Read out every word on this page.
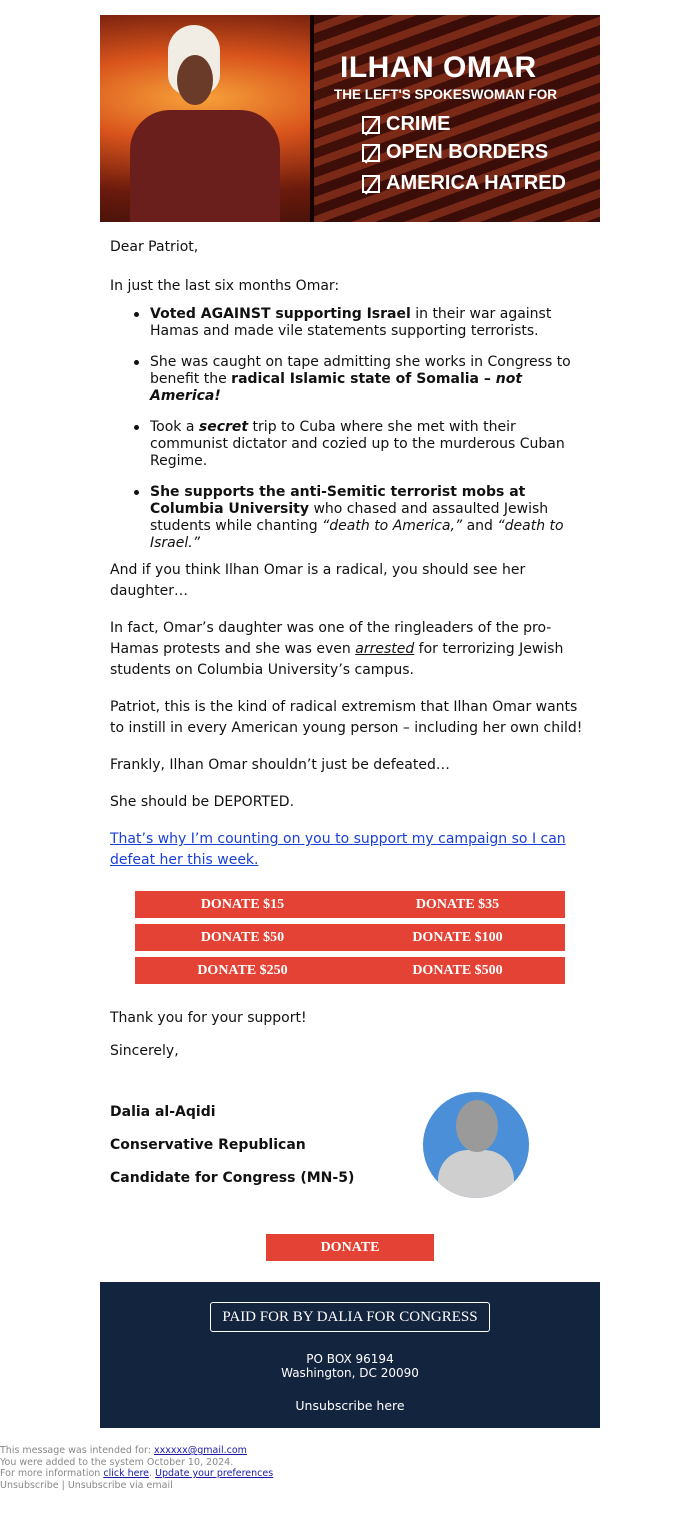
ILHAN OMAR
THE LEFT'S SPOKESWOMAN FOR
CRIME
OPEN BORDERS
AMERICA HATRED

Dear Patriot,

In just the last six months Omar:

Voted AGAINST supporting Israel in their war against Hamas and made vile statements supporting terrorists.
She was caught on tape admitting she works in Congress to benefit the radical Islamic state of Somalia – not America!
Took a secret trip to Cuba where she met with their communist dictator and cozied up to the murderous Cuban Regime.
She supports the anti-Semitic terrorist mobs at Columbia University who chased and assaulted Jewish students while chanting “death to America,” and “death to Israel.”

And if you think Ilhan Omar is a radical, you should see her daughter…

In fact, Omar’s daughter was one of the ringleaders of the pro-Hamas protests and she was even arrested for terrorizing Jewish students on Columbia University’s campus.

Patriot, this is the kind of radical extremism that Ilhan Omar wants to instill in every American young person – including her own child!

Frankly, Ilhan Omar shouldn’t just be defeated…

She should be DEPORTED.

That’s why I’m counting on you to support my campaign so I can defeat her this week.

DONATE $15	DONATE $35
DONATE $50	DONATE $100
DONATE $250	DONATE $500

Thank you for your support!

Sincerely,

Dalia al-Aqidi
Conservative Republican
Candidate for Congress (MN-5)
DONATE
PAID FOR BY DALIA FOR CONGRESS
PO BOX 96194
Washington, DC 20090
Unsubscribe here
This message was intended for: xxxxxx@gmail.com
You were added to the system October 10, 2024.
For more information click here. Update your preferences
Unsubscribe | Unsubscribe via email
